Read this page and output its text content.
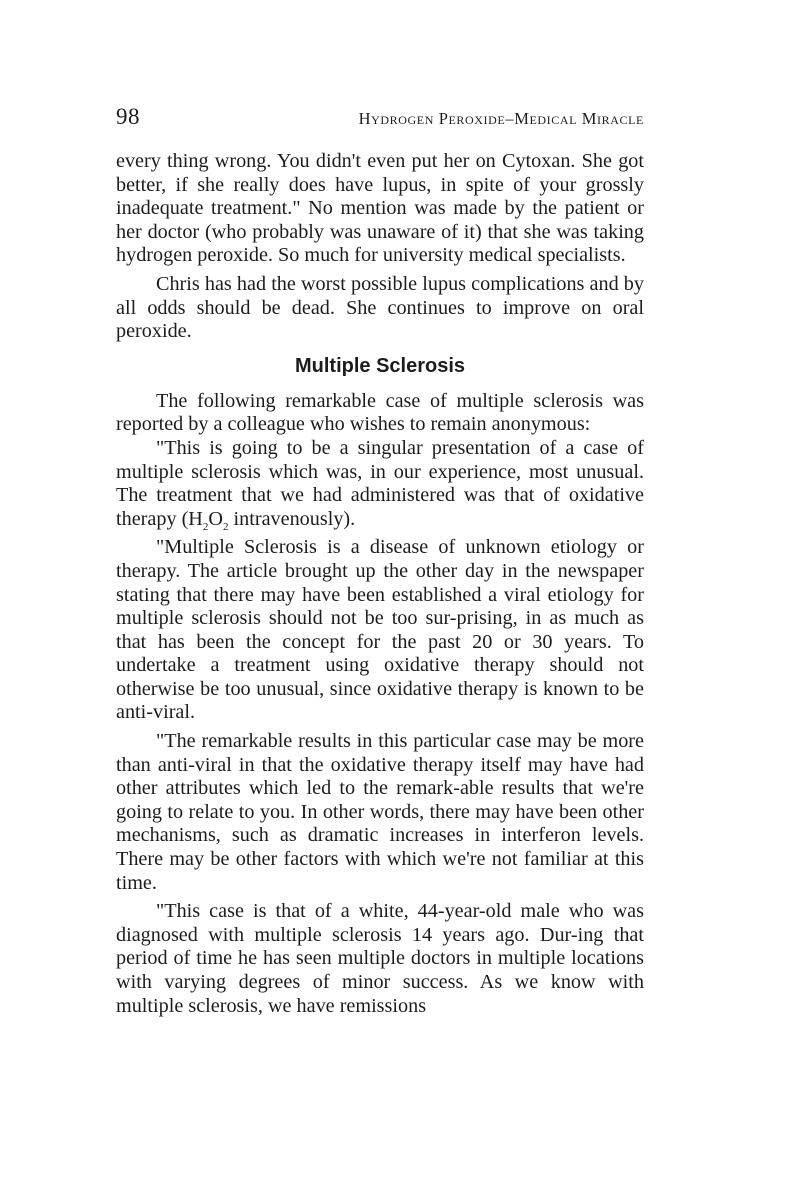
98	Hydrogen Peroxide–Medical Miracle

every thing wrong. You didn't even put her on Cytoxan. She got better, if she really does have lupus, in spite of your grossly inadequate treatment." No mention was made by the patient or her doctor (who probably was unaware of it) that she was taking hydrogen peroxide. So much for university medical specialists.

Chris has had the worst possible lupus complications and by all odds should be dead. She continues to improve on oral peroxide.

Multiple Sclerosis

The following remarkable case of multiple sclerosis was reported by a colleague who wishes to remain anonymous:

"This is going to be a singular presentation of a case of multiple sclerosis which was, in our experience, most unusual. The treatment that we had administered was that of oxidative therapy ($H_2O_2$ intravenously).

"Multiple Sclerosis is a disease of unknown etiology or therapy. The article brought up the other day in the newspaper stating that there may have been established a viral etiology for multiple sclerosis should not be too sur-prising, in as much as that has been the concept for the past 20 or 30 years. To undertake a treatment using oxidative therapy should not otherwise be too unusual, since oxidative therapy is known to be anti-viral.

"The remarkable results in this particular case may be more than anti-viral in that the oxidative therapy itself may have had other attributes which led to the remark-able results that we're going to relate to you. In other words, there may have been other mechanisms, such as dramatic increases in interferon levels. There may be other factors with which we're not familiar at this time.

"This case is that of a white, 44-year-old male who was diagnosed with multiple sclerosis 14 years ago. Dur-ing that period of time he has seen multiple doctors in multiple locations with varying degrees of minor success. As we know with multiple sclerosis, we have remissions
